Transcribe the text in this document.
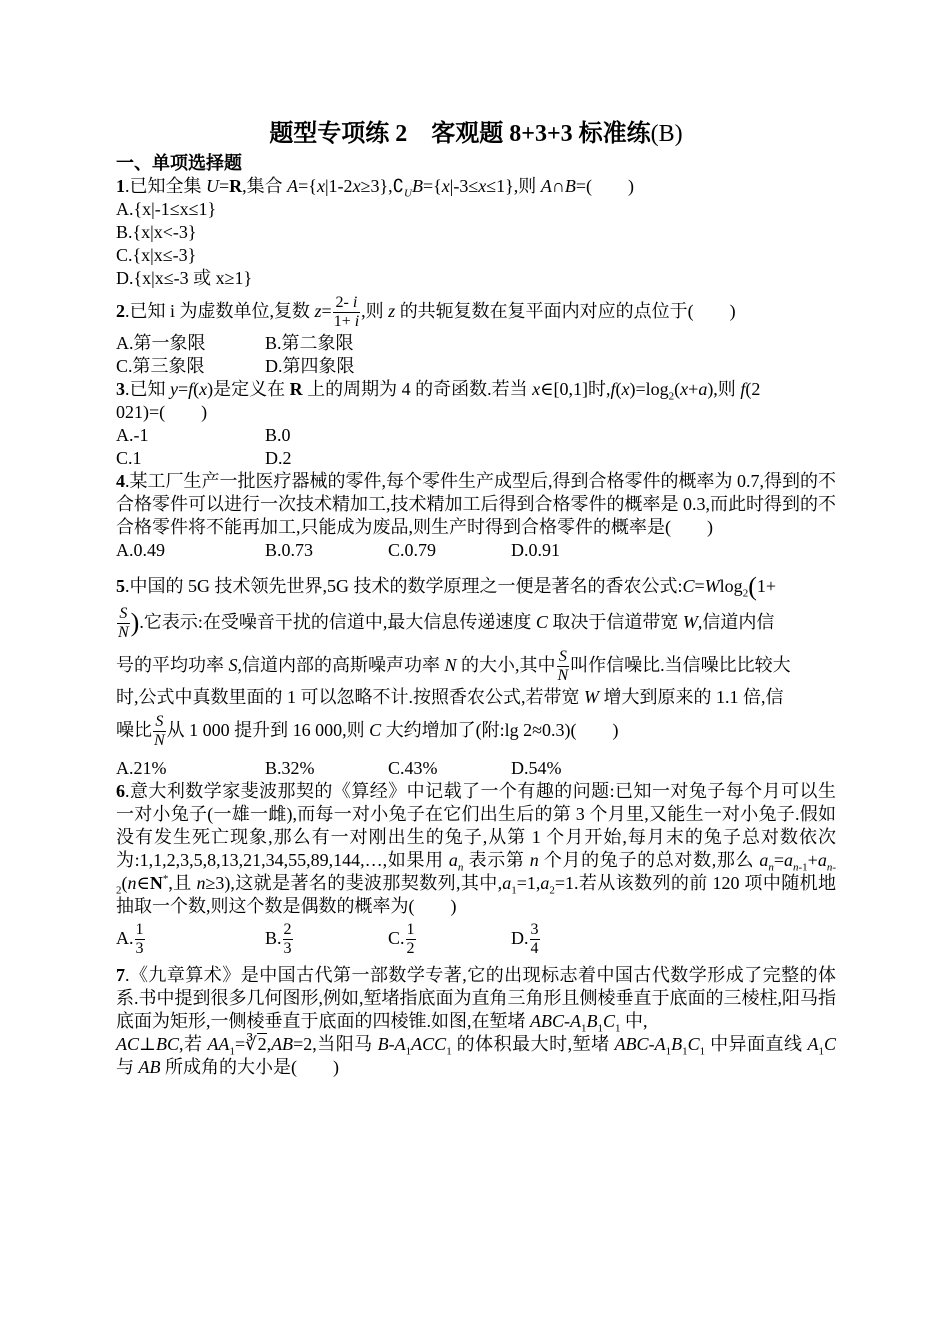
题型专项练 2　客观题 8+3+3 标准练(B)
一、单项选择题
1.已知全集 U=R,集合 $A=\{x|1-2x\ge 3\},∁_UB=\{x|-3\le x\le 1\}$,则 A∩B=(　　)
A.{x|-1≤x≤1}
B.{x|x<-3}
C.{x|x≤-3}
D.{x|x≤-3 或 x≥1}
2.已知 i 为虚数单位,复数 $z= \frac{2- i}{1+ i}$ ,则 z 的共轭复数在复平面内对应的点位于(　　)
A.第一象限	B.第二象限
C.第三象限	D.第四象限
3.已知 y=f(x)是定义在 R 上的周期为 4 的奇函数.若当 x∈[0,1]时$,f(x)=\log_2(x+a)$,则 f(2
021)=(　　)
A.-1	B.0
C.1	D.2
4.某工厂生产一批医疗器械的零件,每个零件生产成型后,得到合格零件的概率为 0.7,得到的不合格零件可以进行一次技术精加工,技术精加工后得到合格零件的概率是 0.3,而此时得到的不合格零件将不能再加工,只能成为废品,则生产时得到合格零件的概率是(　　)
A.0.49	B.0.73	C.0.79	D.0.91

5.中国的 5G 技术领先世界,5G 技术的数学原理之一便是著名的香农公式:C=Wlog$_2$(1+

$\frac{S}{N}$ ).它表示:在受噪音干扰的信道中,最大信息传递速度 C 取决于信道带宽 W,信道内信

号的平均功率 S,信道内部的高斯噪声功率 N 的大小,其中 $\frac{S}{N}$ 叫作信噪比.当信噪比比较大

时,公式中真数里面的 1 可以忽略不计.按照香农公式,若带宽 W 增大到原来的 1.1 倍,信

噪比 $\frac{S}{N}$ 从 1 000 提升到 16 000,则 C 大约增加了(附:lg 2≈0.3)(　　)

A.21%	B.32%	C.43%	D.54%
6.意大利数学家斐波那契的《算经》中记载了一个有趣的问题:已知一对兔子每个月可以生一对小兔子(一雄一雌),而每一对小兔子在它们出生后的第 3 个月里,又能生一对小兔子.假如没有发生死亡现象,那么有一对刚出生的兔子,从第 1 个月开始,每月末的兔子总对数依次为:1,1,2,3,5,8,13,21,34,55,89,144,…,如果用 $a_n$ 表示第 n 个月的兔子的总对数,那么 $a_n=a_{n-1}+a_{n-2}(n\in N^*$,且 n≥3),这就是著名的斐波那契数列,其中$,a_1=1,a_2=1$.若从该数列的前 120 项中随机地抽取一个数,则这个数是偶数的概率为(　　)
A. $\frac{1}{3}$	B. $\frac{2}{3}$	C. $\frac{1}{2}$	D. $\frac{3}{4}$
7.《九章算术》是中国古代第一部数学专著,它的出现标志着中国古代数学形成了完整的体系.书中提到很多几何图形,例如,堑堵指底面为直角三角形且侧棱垂直于底面的三棱柱,阳马指底面为矩形,一侧棱垂直于底面的四棱锥.如图,在堑堵 ABC-$A_1B_1C_1$ 中,
AC⊥BC,若 $AA_1=∛2,AB=2$,当阳马 $B-A_1ACC_1$ 的体积最大时,堑堵 ABC-$A_1B_1C_1$ 中异面直线 $A_1C$ 与 AB 所成角的大小是(　　)
